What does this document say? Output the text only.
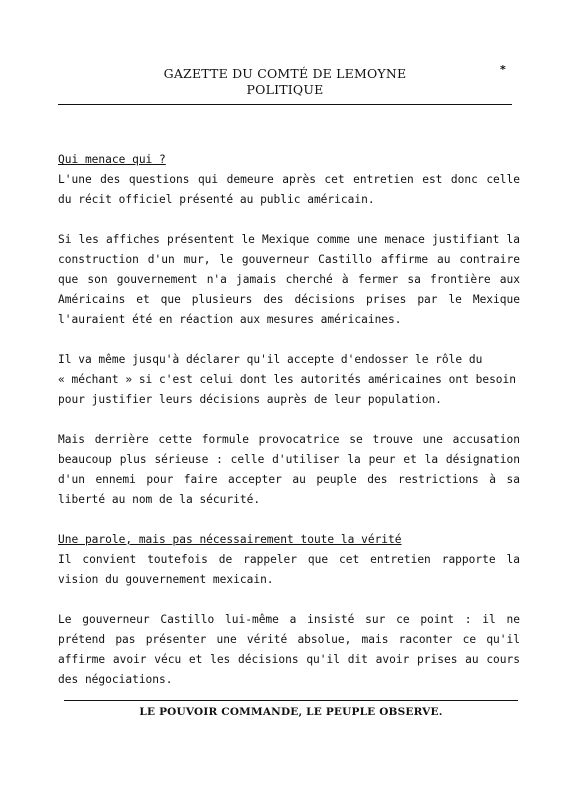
GAZETTE DU COMTÉ DE LEMOYNE
POLITIQUE
*

Qui menace qui ?

L'une des questions qui demeure après cet entretien est donc celle du récit officiel présenté au public américain.

Si les affiches présentent le Mexique comme une menace justifiant la construction d'un mur, le gouverneur Castillo affirme au contraire que son gouvernement n'a jamais cherché à fermer sa frontière aux Américains et que plusieurs des décisions prises par le Mexique l'auraient été en réaction aux mesures américaines.

Il va même jusqu'à déclarer qu'il accepte d'endosser le rôle du
« méchant » si c'est celui dont les autorités américaines ont besoin pour justifier leurs décisions auprès de leur population.

Mais derrière cette formule provocatrice se trouve une accusation beaucoup plus sérieuse : celle d'utiliser la peur et la désignation d'un ennemi pour faire accepter au peuple des restrictions à sa liberté au nom de la sécurité.

Une parole, mais pas nécessairement toute la vérité

Il convient toutefois de rappeler que cet entretien rapporte la vision du gouvernement mexicain.

Le gouverneur Castillo lui-même a insisté sur ce point : il ne prétend pas présenter une vérité absolue, mais raconter ce qu'il affirme avoir vécu et les décisions qu'il dit avoir prises au cours des négociations.

LE POUVOIR COMMANDE, LE PEUPLE OBSERVE.
